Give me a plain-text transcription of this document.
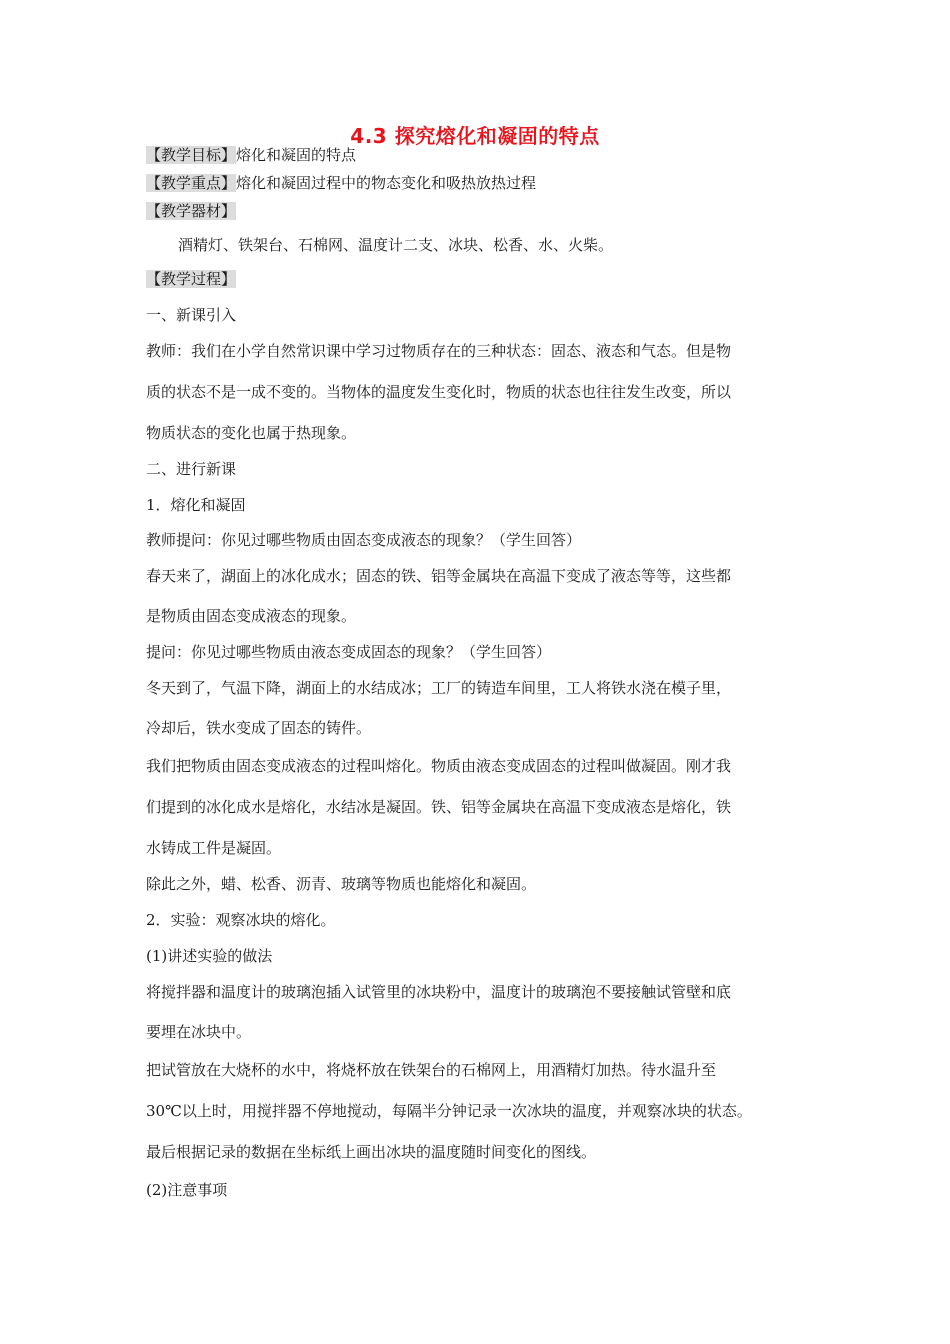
4.3 探究熔化和凝固的特点
【教学目标】熔化和凝固的特点
【教学重点】熔化和凝固过程中的物态变化和吸热放热过程
【教学器材】
酒精灯、铁架台、石棉网、温度计二支、冰块、松香、水、火柴。
【教学过程】
一、新课引入
教师：我们在小学自然常识课中学习过物质存在的三种状态：固态、液态和气态。但是物
质的状态不是一成不变的。当物体的温度发生变化时，物质的状态也往往发生改变，所以
物质状态的变化也属于热现象。
二、进行新课
1．熔化和凝固
教师提问：你见过哪些物质由固态变成液态的现象？（学生回答）
春天来了，湖面上的冰化成水；固态的铁、铝等金属块在高温下变成了液态等等，这些都
是物质由固态变成液态的现象。
提问：你见过哪些物质由液态变成固态的现象？（学生回答）
冬天到了，气温下降，湖面上的水结成冰；工厂的铸造车间里，工人将铁水浇在模子里，
冷却后，铁水变成了固态的铸件。
我们把物质由固态变成液态的过程叫熔化。物质由液态变成固态的过程叫做凝固。刚才我
们提到的冰化成水是熔化，水结冰是凝固。铁、铝等金属块在高温下变成液态是熔化，铁
水铸成工件是凝固。
除此之外，蜡、松香、沥青、玻璃等物质也能熔化和凝固。
2．实验：观察冰块的熔化。
(1)讲述实验的做法
将搅拌器和温度计的玻璃泡插入试管里的冰块粉中，温度计的玻璃泡不要接触试管壁和底
要埋在冰块中。
把试管放在大烧杯的水中，将烧杯放在铁架台的石棉网上，用酒精灯加热。待水温升至
30℃以上时，用搅拌器不停地搅动，每隔半分钟记录一次冰块的温度，并观察冰块的状态。
最后根据记录的数据在坐标纸上画出冰块的温度随时间变化的图线。
(2)注意事项
